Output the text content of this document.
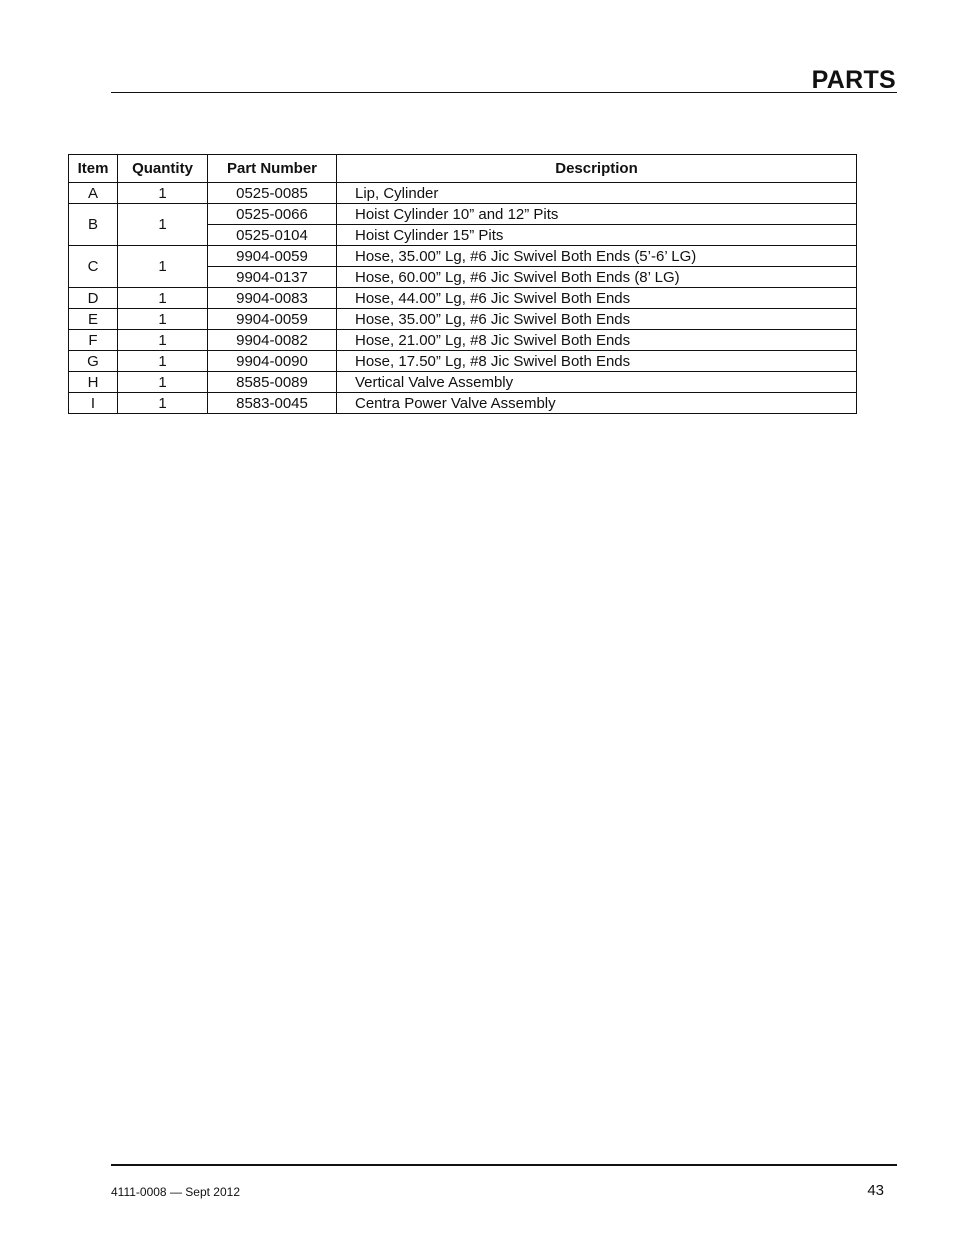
PARTS
Item	Quantity	Part Number	Description
A	1	0525-0085	Lip, Cylinder
B	1	0525-0066	Hoist Cylinder 10” and 12” Pits
		0525-0104	Hoist Cylinder 15” Pits
C	1	9904-0059	Hose, 35.00” Lg, #6 Jic Swivel Both Ends (5’-6’ LG)
		9904-0137	Hose, 60.00” Lg, #6 Jic Swivel Both Ends (8’ LG)
D	1	9904-0083	Hose, 44.00” Lg, #6 Jic Swivel Both Ends
E	1	9904-0059	Hose, 35.00” Lg, #6 Jic Swivel Both Ends
F	1	9904-0082	Hose, 21.00” Lg, #8 Jic Swivel Both Ends
G	1	9904-0090	Hose, 17.50” Lg, #8 Jic Swivel Both Ends
H	1	8585-0089	Vertical Valve Assembly
I	1	8583-0045	Centra Power Valve Assembly
4111-0008 — Sept 2012	43
